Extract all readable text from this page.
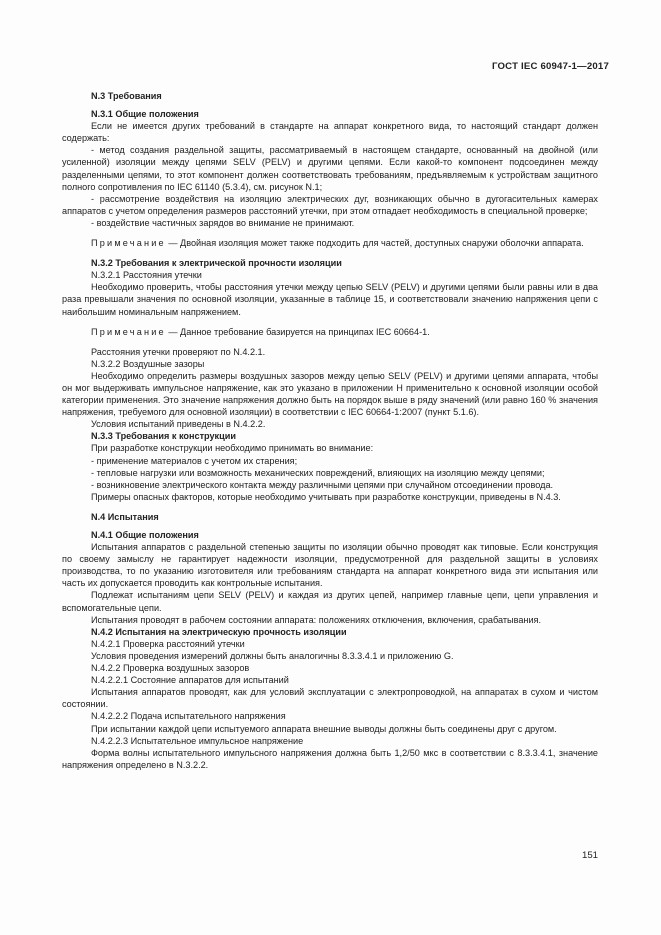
ГОСТ IEC 60947-1—2017

N.3 Требования

N.3.1 Общие положения

Если не имеется других требований в стандарте на аппарат конкретного вида, то настоящий стандарт должен содержать:

- метод создания раздельной защиты, рассматриваемый в настоящем стандарте, основанный на двойной (или усиленной) изоляции между цепями SELV (PELV) и другими цепями. Если какой-то компонент подсоединен между разделенными цепями, то этот компонент должен соответствовать требованиям, предъявляемым к устройствам защитного полного сопротивления по IEC 61140 (5.3.4), см. рисунок N.1;

- рассмотрение воздействия на изоляцию электрических дуг, возникающих обычно в дугогасительных камерах аппаратов с учетом определения размеров расстояний утечки, при этом отпадает необходимость в специальной проверке;

- воздействие частичных зарядов во внимание не принимают.

Примечание — Двойная изоляция может также подходить для частей, доступных снаружи оболочки аппарата.

N.3.2 Требования к электрической прочности изоляции

N.3.2.1 Расстояния утечки

Необходимо проверить, чтобы расстояния утечки между цепью SELV (PELV) и другими цепями были равны или в два раза превышали значения по основной изоляции, указанные в таблице 15, и соответствовали значению напряжения цепи с наибольшим номинальным напряжением.

Примечание — Данное требование базируется на принципах IEC 60664-1.

Расстояния утечки проверяют по N.4.2.1.

N.3.2.2 Воздушные зазоры

Необходимо определить размеры воздушных зазоров между цепью SELV (PELV) и другими цепями аппарата, чтобы он мог выдерживать импульсное напряжение, как это указано в приложении H применительно к основной изоляции особой категории применения. Это значение напряжения должно быть на порядок выше в ряду значений (или равно 160 % значения напряжения, требуемого для основной изоляции) в соответствии с IEC 60664-1:2007 (пункт 5.1.6).

Условия испытаний приведены в N.4.2.2.

N.3.3 Требования к конструкции

При разработке конструкции необходимо принимать во внимание:

- применение материалов с учетом их старения;

- тепловые нагрузки или возможность механических повреждений, влияющих на изоляцию между цепями;

- возникновение электрического контакта между различными цепями при случайном отсоединении провода.

Примеры опасных факторов, которые необходимо учитывать при разработке конструкции, приведены в N.4.3.

N.4 Испытания

N.4.1 Общие положения

Испытания аппаратов с раздельной степенью защиты по изоляции обычно проводят как типовые. Если конструкция по своему замыслу не гарантирует надежности изоляции, предусмотренной для раздельной защиты в условиях производства, то по указанию изготовителя или требованиям стандарта на аппарат конкретного вида эти испытания или часть их допускается проводить как контрольные испытания.

Подлежат испытаниям цепи SELV (PELV) и каждая из других цепей, например главные цепи, цепи управления и вспомогательные цепи.

Испытания проводят в рабочем состоянии аппарата: положениях отключения, включения, срабатывания.

N.4.2 Испытания на электрическую прочность изоляции

N.4.2.1 Проверка расстояний утечки

Условия проведения измерений должны быть аналогичны 8.3.3.4.1 и приложению G.

N.4.2.2 Проверка воздушных зазоров

N.4.2.2.1 Состояние аппаратов для испытаний

Испытания аппаратов проводят, как для условий эксплуатации с электропроводкой, на аппаратах в сухом и чистом состоянии.

N.4.2.2.2 Подача испытательного напряжения

При испытании каждой цепи испытуемого аппарата внешние выводы должны быть соединены друг с другом.

N.4.2.2.3 Испытательное импульсное напряжение

Форма волны испытательного импульсного напряжения должна быть 1,2/50 мкс в соответствии с 8.3.3.4.1, значение напряжения определено в N.3.2.2.

151
